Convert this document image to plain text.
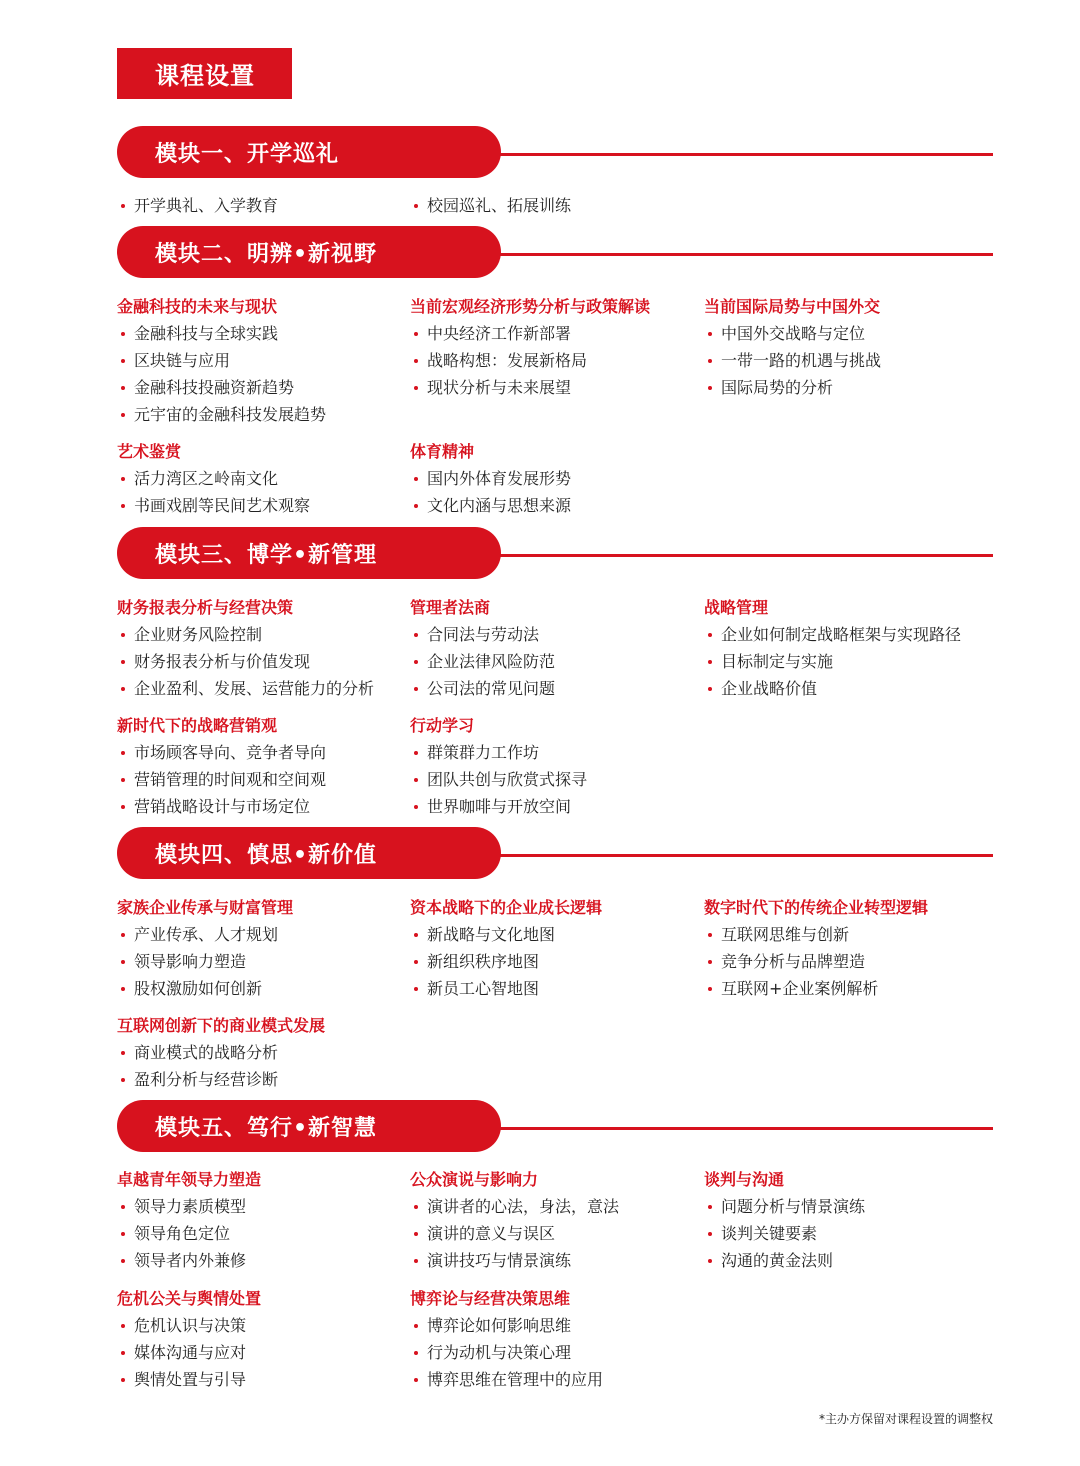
课程设置
模块一、开学巡礼
开学典礼、入学教育	校园巡礼、拓展训练
模块二、明辨•新视野
金融科技的未来与现状
金融科技与全球实践
区块链与应用
金融科技投融资新趋势
元宇宙的金融科技发展趋势
当前宏观经济形势分析与政策解读
中央经济工作新部署
战略构想：发展新格局
现状分析与未来展望
当前国际局势与中国外交
中国外交战略与定位
一带一路的机遇与挑战
国际局势的分析
艺术鉴赏
活力湾区之岭南文化
书画戏剧等民间艺术观察
体育精神
国内外体育发展形势
文化内涵与思想来源
模块三、博学•新管理
财务报表分析与经营决策
企业财务风险控制
财务报表分析与价值发现
企业盈利、发展、运营能力的分析
管理者法商
合同法与劳动法
企业法律风险防范
公司法的常见问题
战略管理
企业如何制定战略框架与实现路径
目标制定与实施
企业战略价值
新时代下的战略营销观
市场顾客导向、竞争者导向
营销管理的时间观和空间观
营销战略设计与市场定位
行动学习
群策群力工作坊
团队共创与欣赏式探寻
世界咖啡与开放空间
模块四、慎思•新价值
家族企业传承与财富管理
产业传承、人才规划
领导影响力塑造
股权激励如何创新
资本战略下的企业成长逻辑
新战略与文化地图
新组织秩序地图
新员工心智地图
数字时代下的传统企业转型逻辑
互联网思维与创新
竞争分析与品牌塑造
互联网+企业案例解析
互联网创新下的商业模式发展
商业模式的战略分析
盈利分析与经营诊断
模块五、笃行•新智慧
卓越青年领导力塑造
领导力素质模型
领导角色定位
领导者内外兼修
公众演说与影响力
演讲者的心法，身法，意法
演讲的意义与误区
演讲技巧与情景演练
谈判与沟通
问题分析与情景演练
谈判关键要素
沟通的黄金法则
危机公关与舆情处置
危机认识与决策
媒体沟通与应对
舆情处置与引导
博弈论与经营决策思维
博弈论如何影响思维
行为动机与决策心理
博弈思维在管理中的应用
*主办方保留对课程设置的调整权
